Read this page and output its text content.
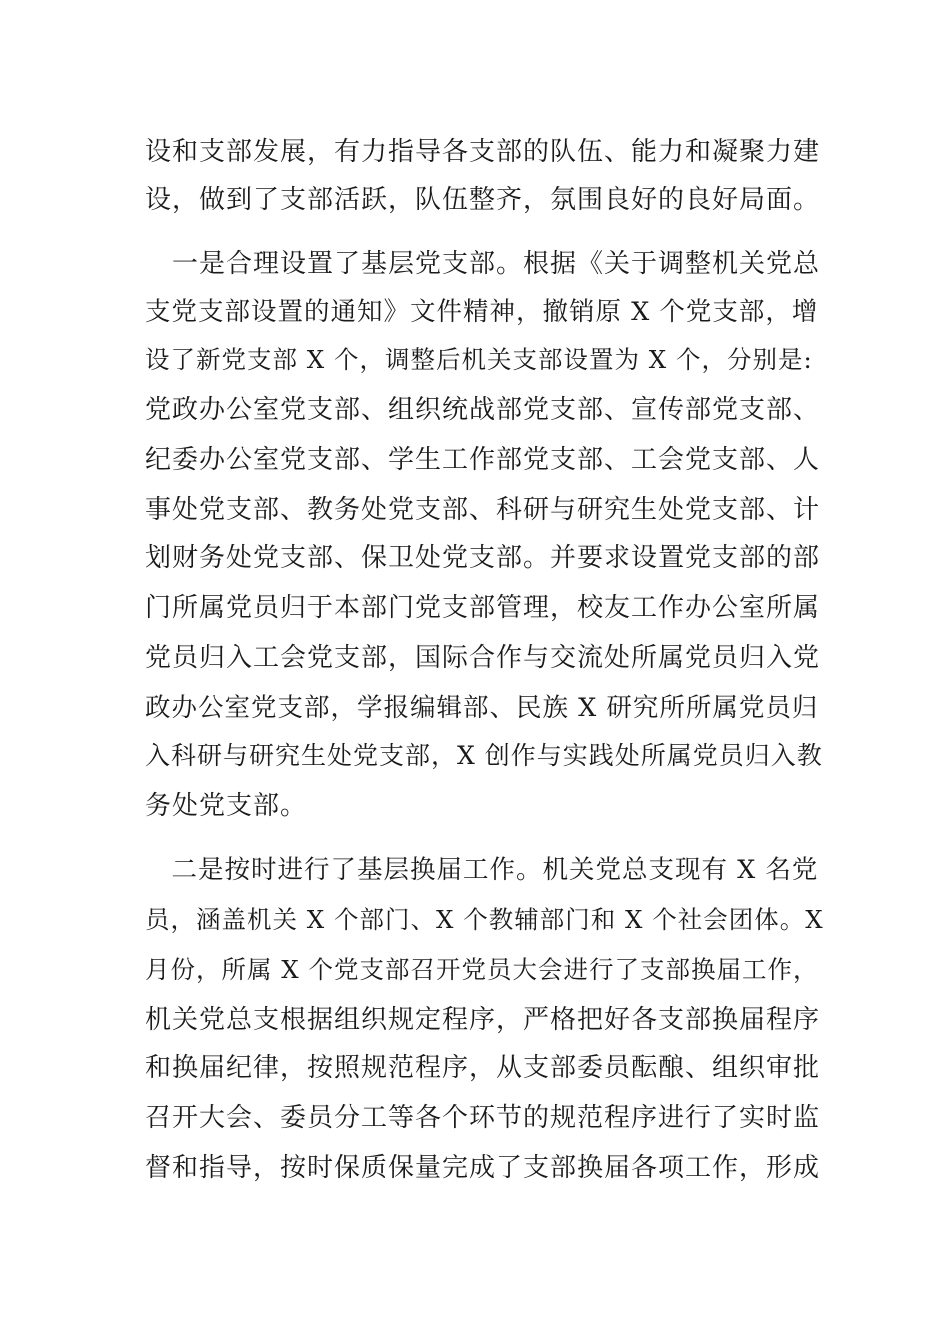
设和支部发展，有力指导各支部的队伍、能力和凝聚力建
设，做到了支部活跃，队伍整齐，氛围良好的良好局面。
　一是合理设置了基层党支部。根据《关于调整机关党总
支党支部设置的通知》文件精神，撤销原 X 个党支部，增
设了新党支部 X 个，调整后机关支部设置为 X 个，分别是:
党政办公室党支部、组织统战部党支部、宣传部党支部、
纪委办公室党支部、学生工作部党支部、工会党支部、人
事处党支部、教务处党支部、科研与研究生处党支部、计
划财务处党支部、保卫处党支部。并要求设置党支部的部
门所属党员归于本部门党支部管理，校友工作办公室所属
党员归入工会党支部，国际合作与交流处所属党员归入党
政办公室党支部，学报编辑部、民族 X 研究所所属党员归
入科研与研究生处党支部，X 创作与实践处所属党员归入教
务处党支部。
　二是按时进行了基层换届工作。机关党总支现有 X 名党
员，涵盖机关 X 个部门、X 个教辅部门和 X 个社会团体。X
月份，所属 X 个党支部召开党员大会进行了支部换届工作，
机关党总支根据组织规定程序，严格把好各支部换届程序
和换届纪律，按照规范程序，从支部委员酝酿、组织审批
召开大会、委员分工等各个环节的规范程序进行了实时监
督和指导，按时保质保量完成了支部换届各项工作，形成
